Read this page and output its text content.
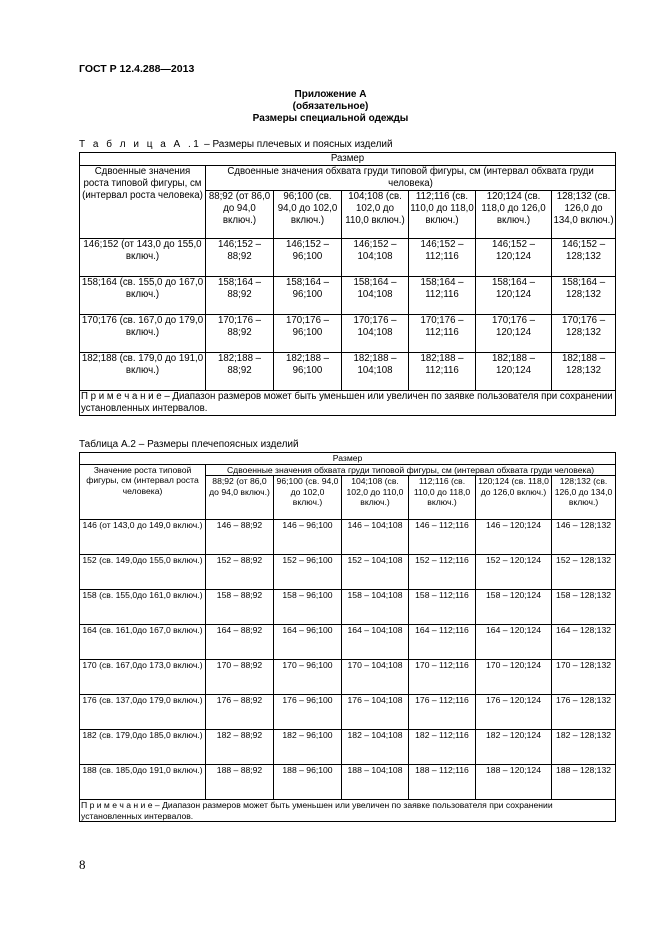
ГОСТ Р 12.4.288—2013
Приложение А
(обязательное)
Размеры специальной одежды
Т а б л и ц а А .1 – Размеры плечевых и поясных изделий
Размер						
Сдвоенные значения роста типовой фигуры, см (интервал роста человека)	Сдвоенные значения обхвата груди типовой фигуры, см (интервал обхвата груди человека)					
	88;92 (от 86,0 до 94,0 включ.)	96;100 (св. 94,0 до 102,0 включ.)	104;108 (св. 102,0 до 110,0 включ.)	112;116 (св. 110,0 до 118,0 включ.)	120;124 (св. 118,0 до 126,0 включ.)	128;132 (св. 126,0 до 134,0 включ.)
146;152 (от 143,0 до 155,0 включ.)	146;152 – 88;92	146;152 – 96;100	146;152 – 104;108	146;152 – 112;116	146;152 – 120;124	146;152 – 128;132
158;164 (св. 155,0 до 167,0 включ.)	158;164 – 88;92	158;164 – 96;100	158;164 – 104;108	158;164 – 112;116	158;164 – 120;124	158;164 – 128;132
170;176 (св. 167,0 до 179,0 включ.)	170;176 – 88;92	170;176 – 96;100	170;176 – 104;108	170;176 – 112;116	170;176 – 120;124	170;176 – 128;132
182;188 (св. 179,0 до 191,0 включ.)	182;188 – 88;92	182;188 – 96;100	182;188 – 104;108	182;188 – 112;116	182;188 – 120;124	182;188 – 128;132
П р и м е ч а н и е – Диапазон размеров может быть уменьшен или увеличен по заявке пользователя при сохранении установленных интервалов.						
Таблица А.2 – Размеры плечепоясных изделий
Размер						
Значение роста типовой фигуры, см (интервал роста человека)	Сдвоенные значения обхвата груди типовой фигуры, см (интервал обхвата груди человека)					
	88;92 (от 86,0 до 94,0 включ.)	96;100 (св. 94,0 до 102,0 включ.)	104;108 (св. 102,0 до 110,0 включ.)	112;116 (св. 110,0 до 118,0 включ.)	120;124 (св. 118,0 до 126,0 включ.)	128;132 (св. 126,0 до 134,0 включ.)
146 (от 143,0 до 149,0 включ.)	146 – 88;92	146 – 96;100	146 – 104;108	146 – 112;116	146 – 120;124	146 – 128;132
152 (св. 149,0до 155,0 включ.)	152 – 88;92	152 – 96;100	152 – 104;108	152 – 112;116	152 – 120;124	152 – 128;132
158 (св. 155,0до 161,0 включ.)	158 – 88;92	158 – 96;100	158 – 104;108	158 – 112;116	158 – 120;124	158 – 128;132
164 (св. 161,0до 167,0 включ.)	164 – 88;92	164 – 96;100	164 – 104;108	164 – 112;116	164 – 120;124	164 – 128;132
170 (св. 167,0до 173,0 включ.)	170 – 88;92	170 – 96;100	170 – 104;108	170 – 112;116	170 – 120;124	170 – 128;132
176 (св. 137,0до 179,0 включ.)	176 – 88;92	176 – 96;100	176 – 104;108	176 – 112;116	176 – 120;124	176 – 128;132
182 (св. 179,0до 185,0 включ.)	182 – 88;92	182 – 96;100	182 – 104;108	182 – 112;116	182 – 120;124	182 – 128;132
188 (св. 185,0до 191,0 включ.)	188 – 88;92	188 – 96;100	188 – 104;108	188 – 112;116	188 – 120;124	188 – 128;132
П р и м е ч а н и е – Диапазон размеров может быть уменьшен или увеличен по заявке пользователя при сохранении установленных интервалов.						
8
